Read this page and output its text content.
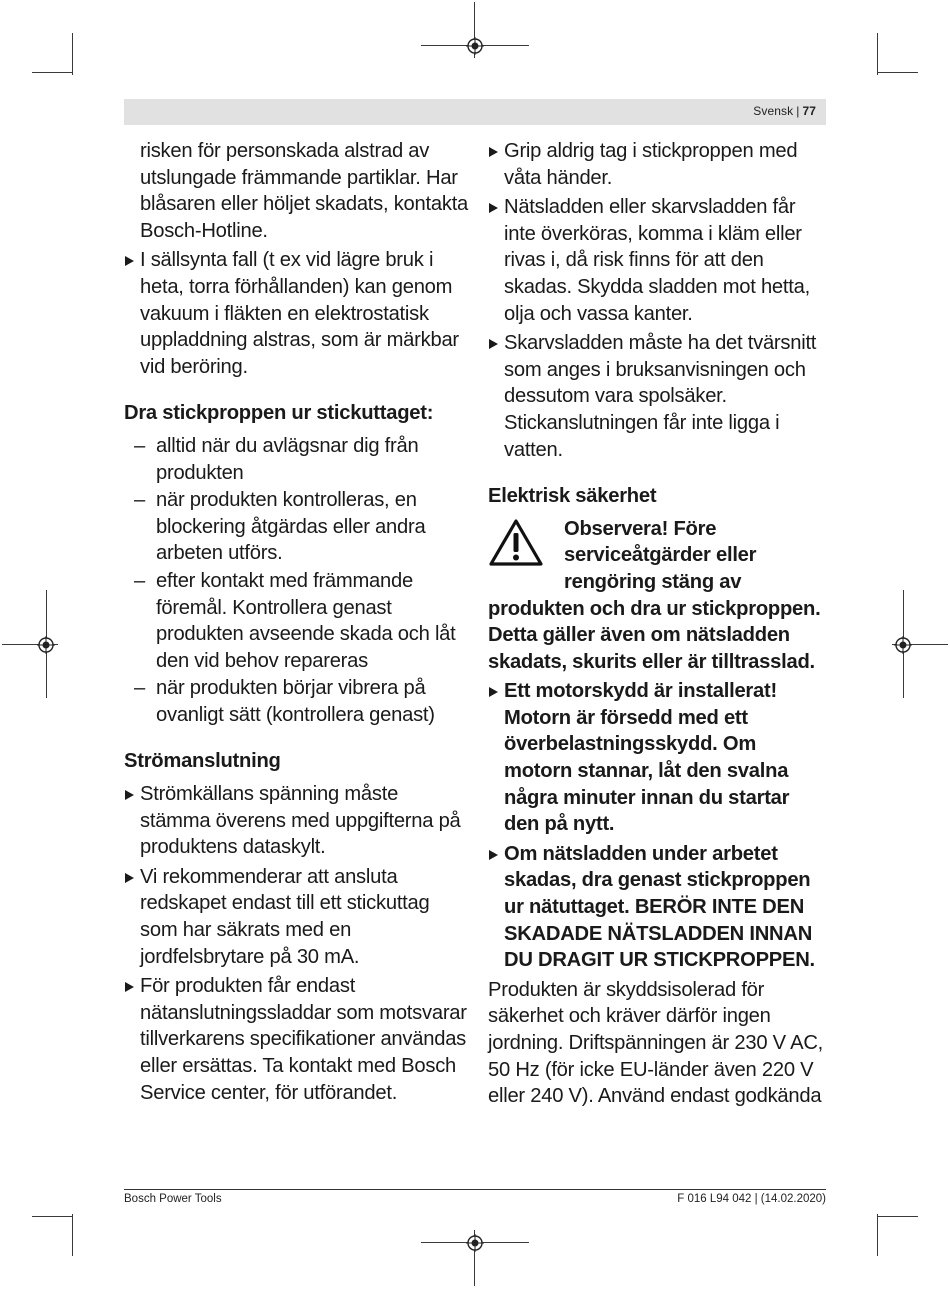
Svensk | 77

risken för personskada alstrad av utslungade främmande partiklar. Har blåsaren eller höljet skadats, kontakta Bosch-Hotline.

I sällsynta fall (t ex vid lägre bruk i heta, torra förhållanden) kan genom vakuum i fläkten en elektrostatisk uppladdning alstras, som är märkbar vid beröring.

Dra stickproppen ur stickuttaget:

– alltid när du avlägsnar dig från produkten
– när produkten kontrolleras, en blockering åtgärdas eller andra arbeten utförs.
– efter kontakt med främmande föremål. Kontrollera genast produkten avseende skada och låt den vid behov repareras
– när produkten börjar vibrera på ovanligt sätt (kontrollera genast)

Strömanslutning

Strömkällans spänning måste stämma överens med uppgifterna på produktens dataskylt.
Vi rekommenderar att ansluta redskapet endast till ett stickuttag som har säkrats med en jordfelsbrytare på 30 mA.
För produkten får endast nätanslutningssladdar som motsvarar tillverkarens specifikationer användas eller ersättas. Ta kontakt med Bosch Service center, för utförandet.
Grip aldrig tag i stickproppen med våta händer.
Nätsladden eller skarvsladden får inte överköras, komma i kläm eller rivas i, då risk finns för att den skadas. Skydda sladden mot hetta, olja och vassa kanter.
Skarvsladden måste ha det tvärsnitt som anges i bruksanvisningen och dessutom vara spolsäker. Stickanslutningen får inte ligga i vatten.

Elektrisk säkerhet

Observera! Före

serviceåtgärder eller

rengöring stäng av

produkten och dra ur stickproppen. Detta gäller även om nätsladden skadats, skurits eller är tilltrasslad.

Ett motorskydd är installerat! Motorn är försedd med ett överbelastningsskydd. Om motorn stannar, låt den svalna några minuter innan du startar den på nytt.
Om nätsladden under arbetet skadas, dra genast stickproppen ur nätuttaget. BERÖR INTE DEN SKADADE NÄTSLADDEN INNAN DU DRAGIT UR STICKPROPPEN.

Produkten är skyddsisolerad för säkerhet och kräver därför ingen jordning. Driftspänningen är 230 V AC, 50 Hz (för icke EU-länder även 220 V eller 240 V). Använd endast godkända

Bosch Power Tools	F 016 L94 042 | (14.02.2020)
